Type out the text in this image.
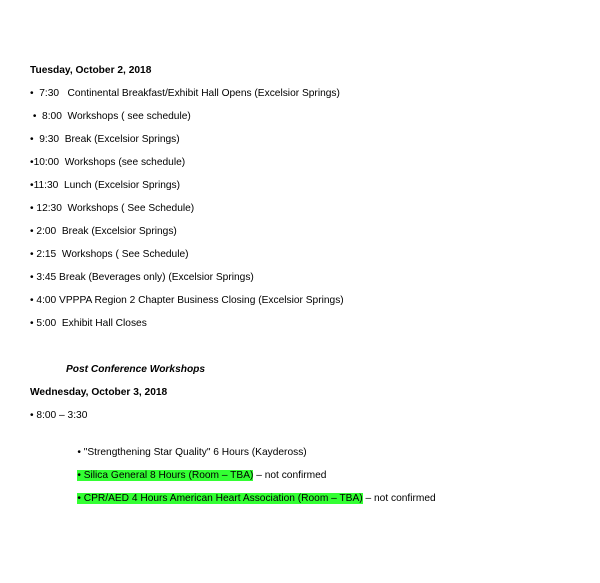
Tuesday, October 2, 2018
•  7:30   Continental Breakfast/Exhibit Hall Opens (Excelsior Springs)
•  8:00  Workshops ( see schedule)
•  9:30  Break (Excelsior Springs)
•10:00  Workshops (see schedule)
•11:30  Lunch (Excelsior Springs)
• 12:30  Workshops ( See Schedule)
• 2:00  Break (Excelsior Springs)
• 2:15  Workshops ( See Schedule)
• 3:45 Break (Beverages only) (Excelsior Springs)
• 4:00 VPPPA Region 2 Chapter Business Closing (Excelsior Springs)
• 5:00  Exhibit Hall Closes
Post Conference Workshops
Wednesday, October 3, 2018
• 8:00 – 3:30

• "Strengthening Star Quality" 6 Hours (Kaydeross)

• Silica General 8 Hours (Room – TBA) – not confirmed

• CPR/AED 4 Hours American Heart Association (Room – TBA) – not confirmed
